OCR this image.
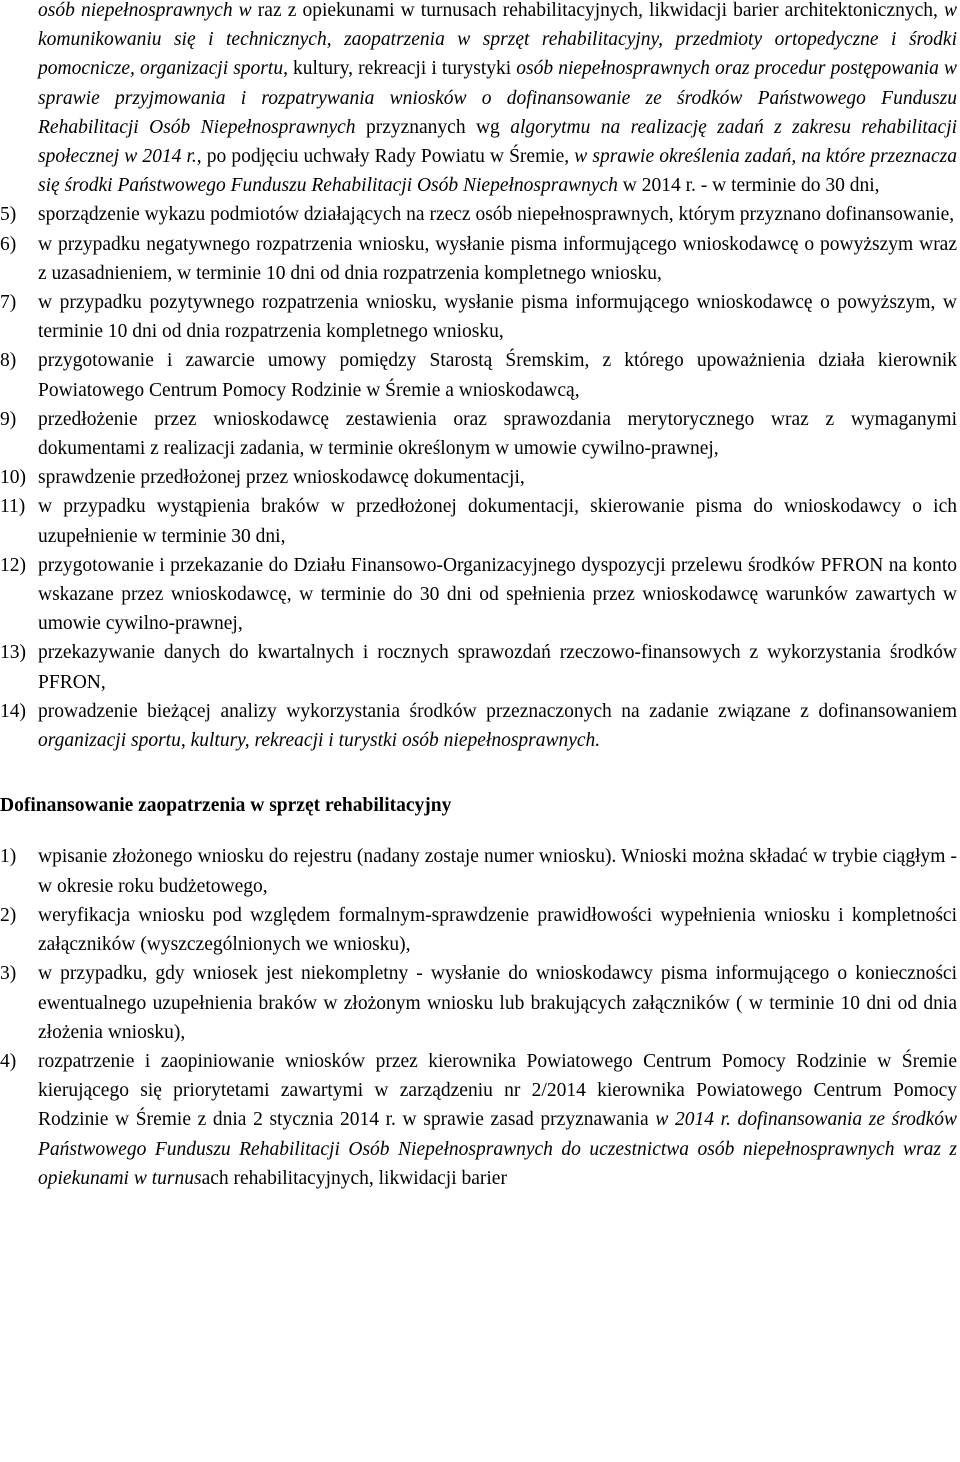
osób niepełnosprawnych w raz z opiekunami w turnusach rehabilitacyjnych, likwidacji barier architektonicznych, w komunikowaniu się i technicznych, zaopatrzenia w sprzęt rehabilitacyjny, przedmioty ortopedyczne i środki pomocnicze, organizacji sportu, kultury, rekreacji i turystyki osób niepełnosprawnych oraz procedur postępowania w sprawie przyjmowania i rozpatrywania wniosków o dofinansowanie ze środków Państwowego Funduszu Rehabilitacji Osób Niepełnosprawnych przyznanych wg algorytmu na realizację zadań z zakresu rehabilitacji społecznej w 2014 r., po podjęciu uchwały Rady Powiatu w Śremie, w sprawie określenia zadań, na które przeznacza się środki Państwowego Funduszu Rehabilitacji Osób Niepełnosprawnych w 2014 r. - w terminie do 30 dni,

5)	sporządzenie wykazu podmiotów działających na rzecz osób niepełnosprawnych, którym przyznano dofinansowanie,

6)	w przypadku negatywnego rozpatrzenia wniosku, wysłanie pisma informującego wnioskodawcę o powyższym wraz z uzasadnieniem, w terminie 10 dni od dnia rozpatrzenia kompletnego wniosku,

7)	w przypadku pozytywnego rozpatrzenia wniosku, wysłanie pisma informującego wnioskodawcę o powyższym, w terminie 10 dni od dnia rozpatrzenia kompletnego wniosku,

8)	przygotowanie i zawarcie umowy pomiędzy Starostą Śremskim, z którego upoważnienia działa kierownik Powiatowego Centrum Pomocy Rodzinie w Śremie a wnioskodawcą,

9)	przedłożenie przez wnioskodawcę zestawienia oraz sprawozdania merytorycznego wraz z wymaganymi dokumentami z realizacji zadania, w terminie określonym w umowie cywilno-prawnej,

10) sprawdzenie przedłożonej przez wnioskodawcę dokumentacji,

11) w przypadku wystąpienia braków w przedłożonej dokumentacji, skierowanie pisma do wnioskodawcy o ich uzupełnienie w terminie 30 dni,

12) przygotowanie i przekazanie do Działu Finansowo-Organizacyjnego dyspozycji przelewu środków PFRON na konto wskazane przez wnioskodawcę, w terminie do 30 dni od spełnienia przez wnioskodawcę warunków zawartych w umowie cywilno-prawnej,

13) przekazywanie danych do kwartalnych i rocznych sprawozdań rzeczowo-finansowych z wykorzystania środków PFRON,

14) prowadzenie bieżącej analizy wykorzystania środków przeznaczonych na zadanie związane z dofinansowaniem organizacji sportu, kultury, rekreacji i turystki osób niepełnosprawnych.

Dofinansowanie zaopatrzenia w sprzęt rehabilitacyjny
1)	wpisanie złożonego wniosku do rejestru (nadany zostaje numer wniosku). Wnioski można składać w trybie ciągłym - w okresie roku budżetowego,

2)	weryfikacja wniosku pod względem formalnym-sprawdzenie prawidłowości wypełnienia wniosku i kompletności załączników (wyszczególnionych we wniosku),

3)	w przypadku, gdy wniosek jest niekompletny - wysłanie do wnioskodawcy pisma informującego o konieczności ewentualnego uzupełnienia braków w złożonym wniosku lub brakujących załączników ( w terminie 10 dni od dnia złożenia wniosku),

4)	rozpatrzenie i zaopiniowanie wniosków przez kierownika Powiatowego Centrum Pomocy Rodzinie w Śremie kierującego się priorytetami zawartymi w zarządzeniu nr 2/2014 kierownika Powiatowego Centrum Pomocy Rodzinie w Śremie z dnia 2 stycznia 2014 r. w sprawie zasad przyznawania w 2014 r. dofinansowania ze środków Państwowego Funduszu Rehabilitacji Osób Niepełnosprawnych do uczestnictwa osób niepełnosprawnych wraz z opiekunami w turnusach rehabilitacyjnych, likwidacji barier
